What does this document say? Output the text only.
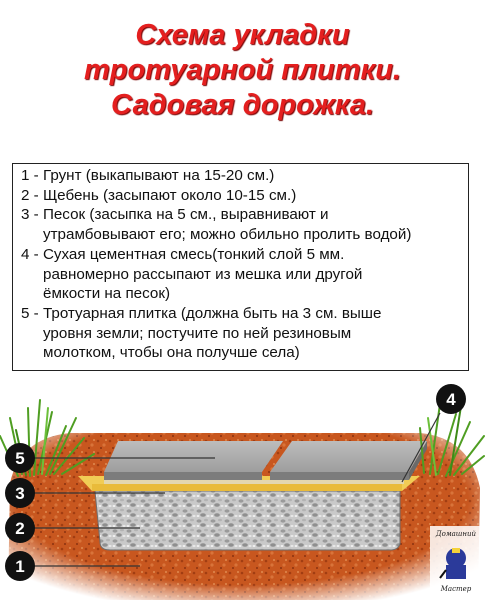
Схема укладки
тротуарной плитки.
Садовая дорожка.
1 - Грунт (выкапывают на 15-20 см.)
2 - Щебень (засыпают около 10-15 см.)
3 - Песок (засыпка на 5 см., выравнивают и
утрамбовывают его; можно обильно пролить водой)
4 - Сухая цементная смесь(тонкий слой 5 мм.
равномерно рассыпают из мешка или другой
ёмкости на песок)
5 - Тротуарная плитка (должна быть на 3 см. выше
уровня земли; постучите по ней резиновым
молотком, чтобы она получше села)
5
3
2
1
4
Домашний
Мастер
